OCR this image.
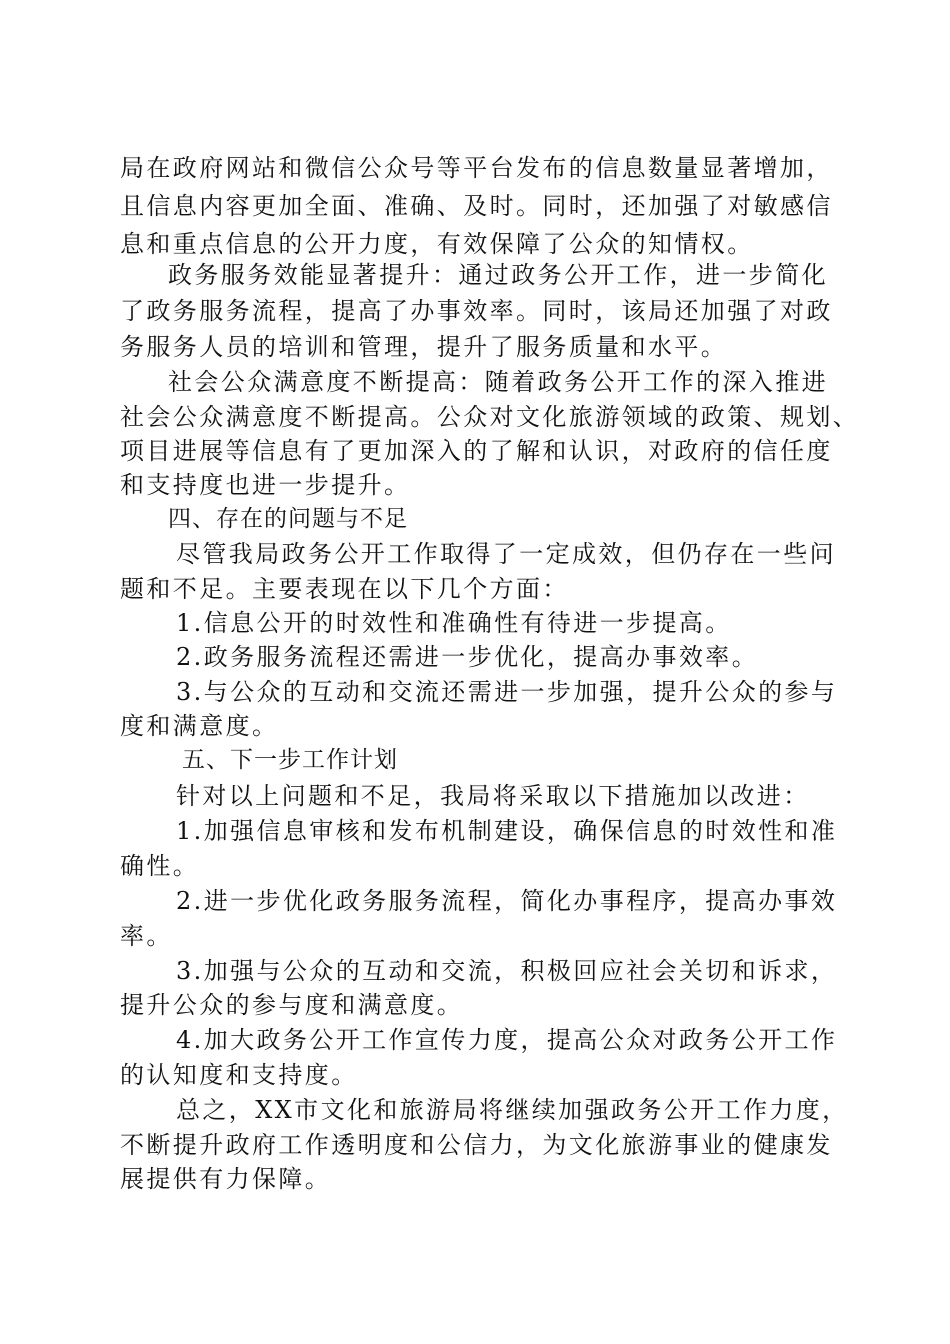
局在政府网站和微信公众号等平台发布的信息数量显著增加，
且信息内容更加全面、准确、及时。同时，还加强了对敏感信
息和重点信息的公开力度，有效保障了公众的知情权。
政务服务效能显著提升：通过政务公开工作，进一步简化
了政务服务流程，提高了办事效率。同时，该局还加强了对政
务服务人员的培训和管理，提升了服务质量和水平。
社会公众满意度不断提高：随着政务公开工作的深入推进
社会公众满意度不断提高。公众对文化旅游领域的政策、规划、
项目进展等信息有了更加深入的了解和认识，对政府的信任度
和支持度也进一步提升。
四、存在的问题与不足
尽管我局政务公开工作取得了一定成效，但仍存在一些问
题和不足。主要表现在以下几个方面：
1.信息公开的时效性和准确性有待进一步提高。
2.政务服务流程还需进一步优化，提高办事效率。
3.与公众的互动和交流还需进一步加强，提升公众的参与
度和满意度。
五、下一步工作计划
针对以上问题和不足，我局将采取以下措施加以改进：
1.加强信息审核和发布机制建设，确保信息的时效性和准
确性。
2.进一步优化政务服务流程，简化办事程序，提高办事效
率。
3.加强与公众的互动和交流，积极回应社会关切和诉求，
提升公众的参与度和满意度。
4.加大政务公开工作宣传力度，提高公众对政务公开工作
的认知度和支持度。
总之，XX市文化和旅游局将继续加强政务公开工作力度，
不断提升政府工作透明度和公信力，为文化旅游事业的健康发
展提供有力保障。
